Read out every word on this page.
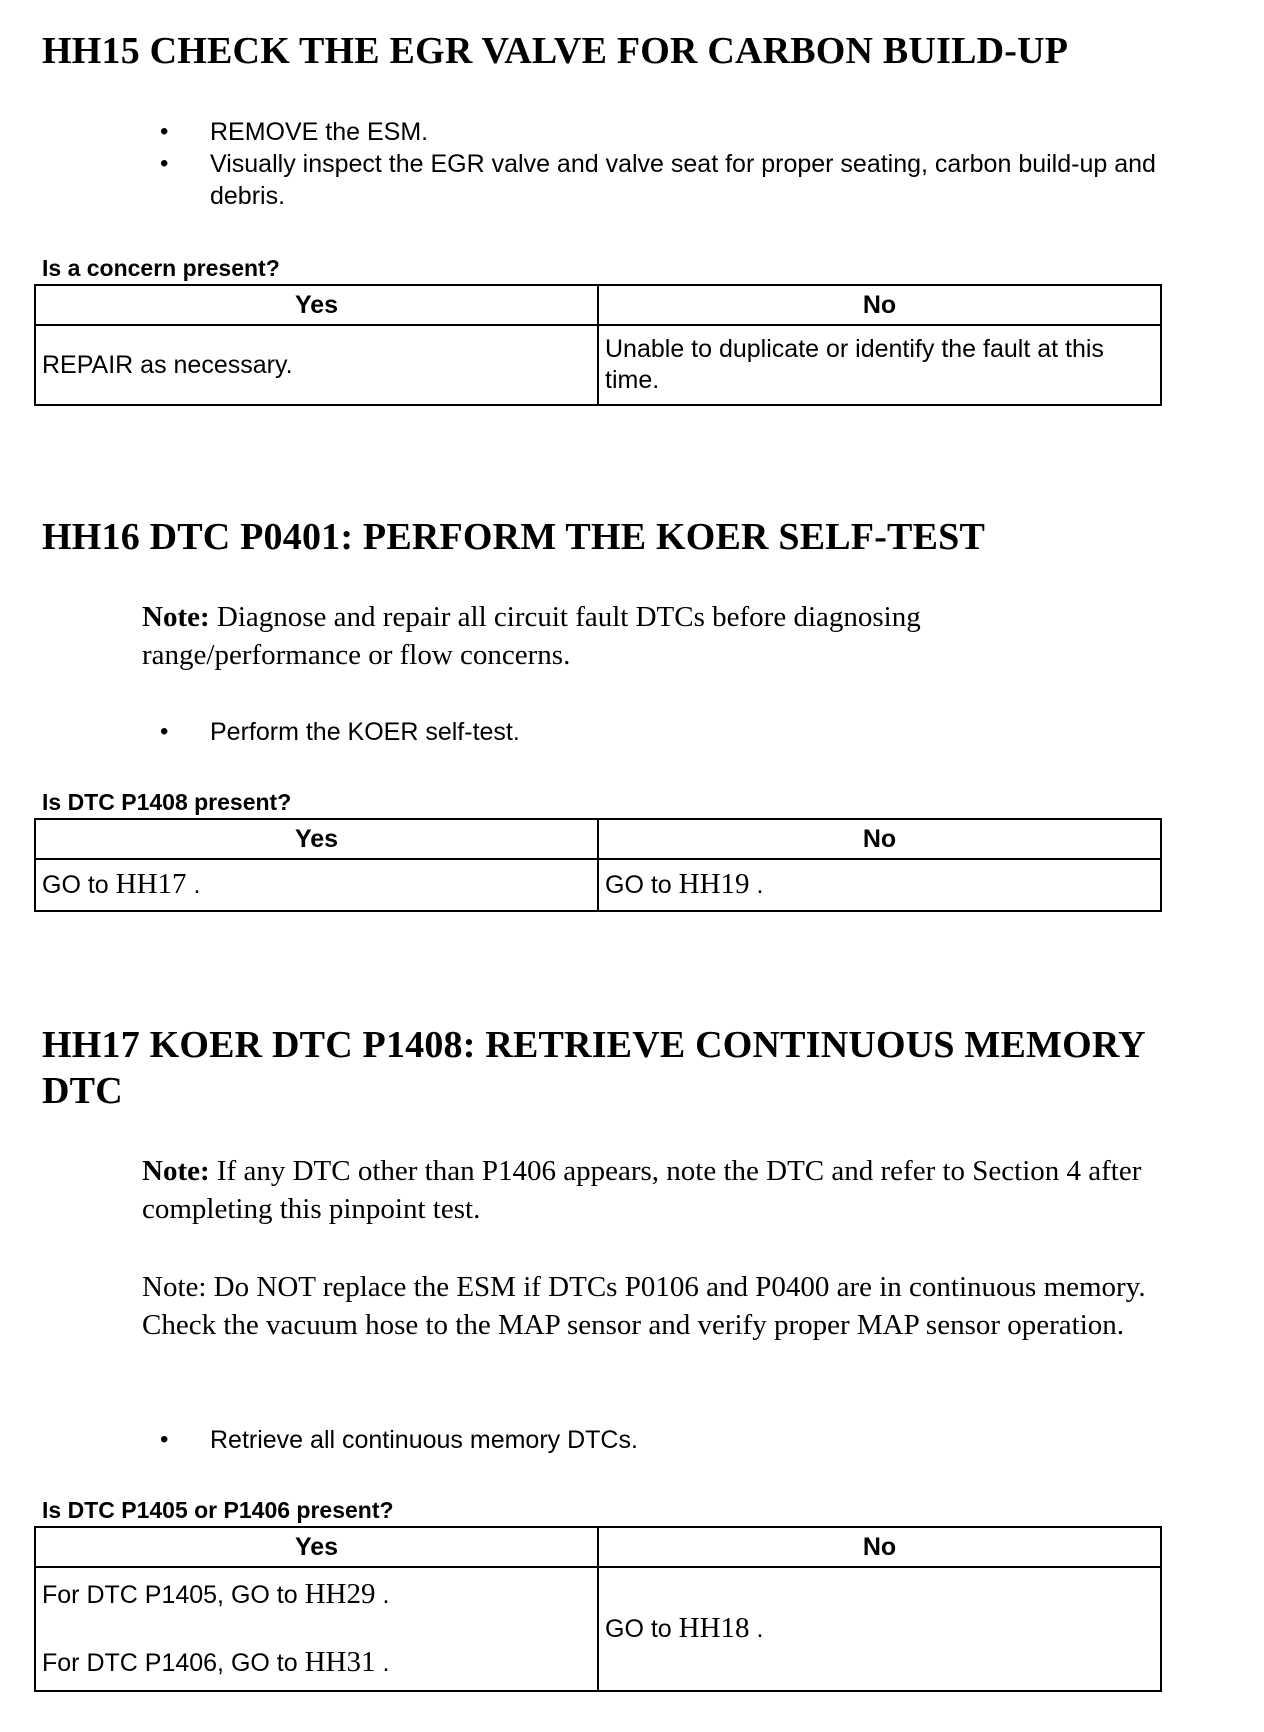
HH15 CHECK THE EGR VALVE FOR CARBON BUILD-UP
• REMOVE the ESM.
• Visually inspect the EGR valve and valve seat for proper seating, carbon build-up and debris.

Is a concern present?

Yes	No
REPAIR as necessary.	Unable to duplicate or identify the fault at this time.
HH16 DTC P0401: PERFORM THE KOER SELF-TEST

Note: Diagnose and repair all circuit fault DTCs before diagnosing range/performance or flow concerns.

• Perform the KOER self-test.

Is DTC P1408 present?

Yes	No
GO to HH17 .	GO to HH19 .
HH17 KOER DTC P1408: RETRIEVE CONTINUOUS MEMORY DTC

Note: If any DTC other than P1406 appears, note the DTC and refer to Section 4 after completing this pinpoint test.

Note: Do NOT replace the ESM if DTCs P0106 and P0400 are in continuous memory. Check the vacuum hose to the MAP sensor and verify proper MAP sensor operation.

• Retrieve all continuous memory DTCs.

Is DTC P1405 or P1406 present?

Yes	No

For DTC P1405, GO to HH29 .
For DTC P1406, GO to HH31 .	GO to HH18 .
